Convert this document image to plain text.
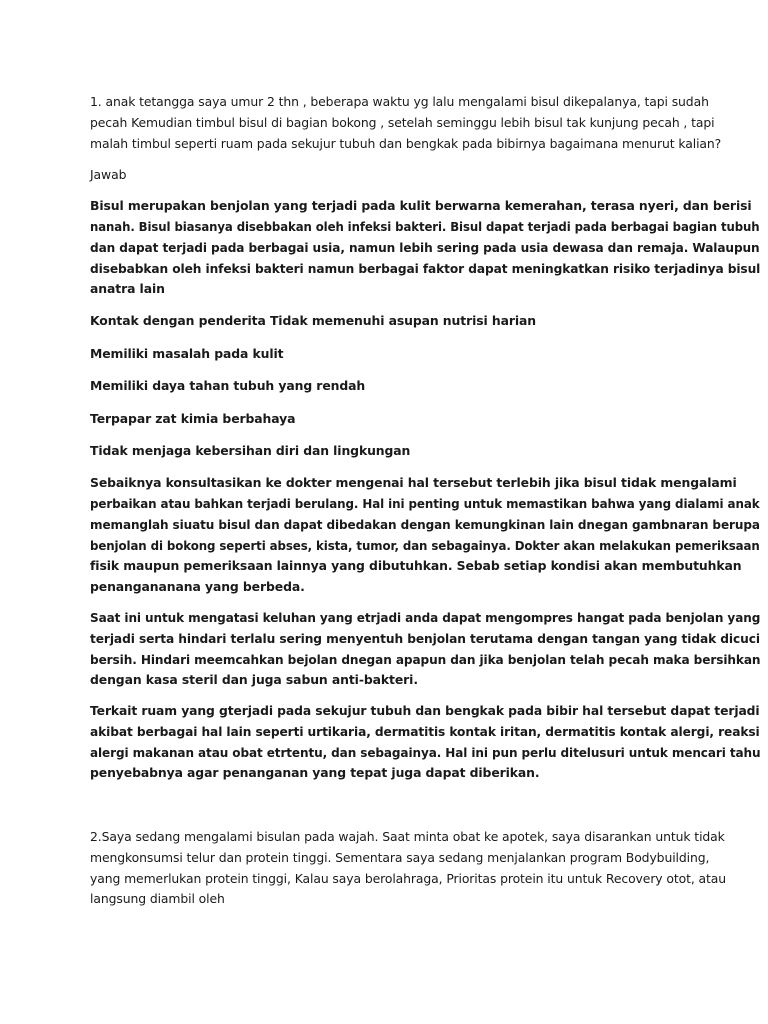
1. anak tetangga saya umur 2 thn , beberapa waktu yg lalu mengalami bisul dikepalanya, tapi sudah
pecah Kemudian timbul bisul di bagian bokong , setelah seminggu lebih bisul tak kunjung pecah , tapi
malah timbul seperti ruam pada sekujur tubuh dan bengkak pada bibirnya bagaimana menurut kalian?
Jawab
Bisul merupakan benjolan yang terjadi pada kulit berwarna kemerahan, terasa nyeri, dan berisi
nanah. Bisul biasanya disebbakan oleh infeksi bakteri. Bisul dapat terjadi pada berbagai bagian tubuh
dan dapat terjadi pada berbagai usia, namun lebih sering pada usia dewasa dan remaja. Walaupun
disebabkan oleh infeksi bakteri namun berbagai faktor dapat meningkatkan risiko terjadinya bisul
anatra lain
Kontak dengan penderita Tidak memenuhi asupan nutrisi harian
Memiliki masalah pada kulit
Memiliki daya tahan tubuh yang rendah
Terpapar zat kimia berbahaya
Tidak menjaga kebersihan diri dan lingkungan
Sebaiknya konsultasikan ke dokter mengenai hal tersebut terlebih jika bisul tidak mengalami
perbaikan atau bahkan terjadi berulang. Hal ini penting untuk memastikan bahwa yang dialami anak
memanglah siuatu bisul dan dapat dibedakan dengan kemungkinan lain dnegan gambnaran berupa
benjolan di bokong seperti abses, kista, tumor, dan sebagainya. Dokter akan melakukan pemeriksaan
fisik maupun pemeriksaan lainnya yang dibutuhkan. Sebab setiap kondisi akan membutuhkan
penangananana yang berbeda.
Saat ini untuk mengatasi keluhan yang etrjadi anda dapat mengompres hangat pada benjolan yang
terjadi serta hindari terlalu sering menyentuh benjolan terutama dengan tangan yang tidak dicuci
bersih. Hindari meemcahkan bejolan dnegan apapun dan jika benjolan telah pecah maka bersihkan
dengan kasa steril dan juga sabun anti-bakteri.
Terkait ruam yang gterjadi pada sekujur tubuh dan bengkak pada bibir hal tersebut dapat terjadi
akibat berbagai hal lain seperti urtikaria, dermatitis kontak iritan, dermatitis kontak alergi, reaksi
alergi makanan atau obat etrtentu, dan sebagainya. Hal ini pun perlu ditelusuri untuk mencari tahu
penyebabnya agar penanganan yang tepat juga dapat diberikan.
2.Saya sedang mengalami bisulan pada wajah. Saat minta obat ke apotek, saya disarankan untuk tidak
mengkonsumsi telur dan protein tinggi. Sementara saya sedang menjalankan program Bodybuilding,
yang memerlukan protein tinggi, Kalau saya berolahraga, Prioritas protein itu untuk Recovery otot, atau
langsung diambil oleh
